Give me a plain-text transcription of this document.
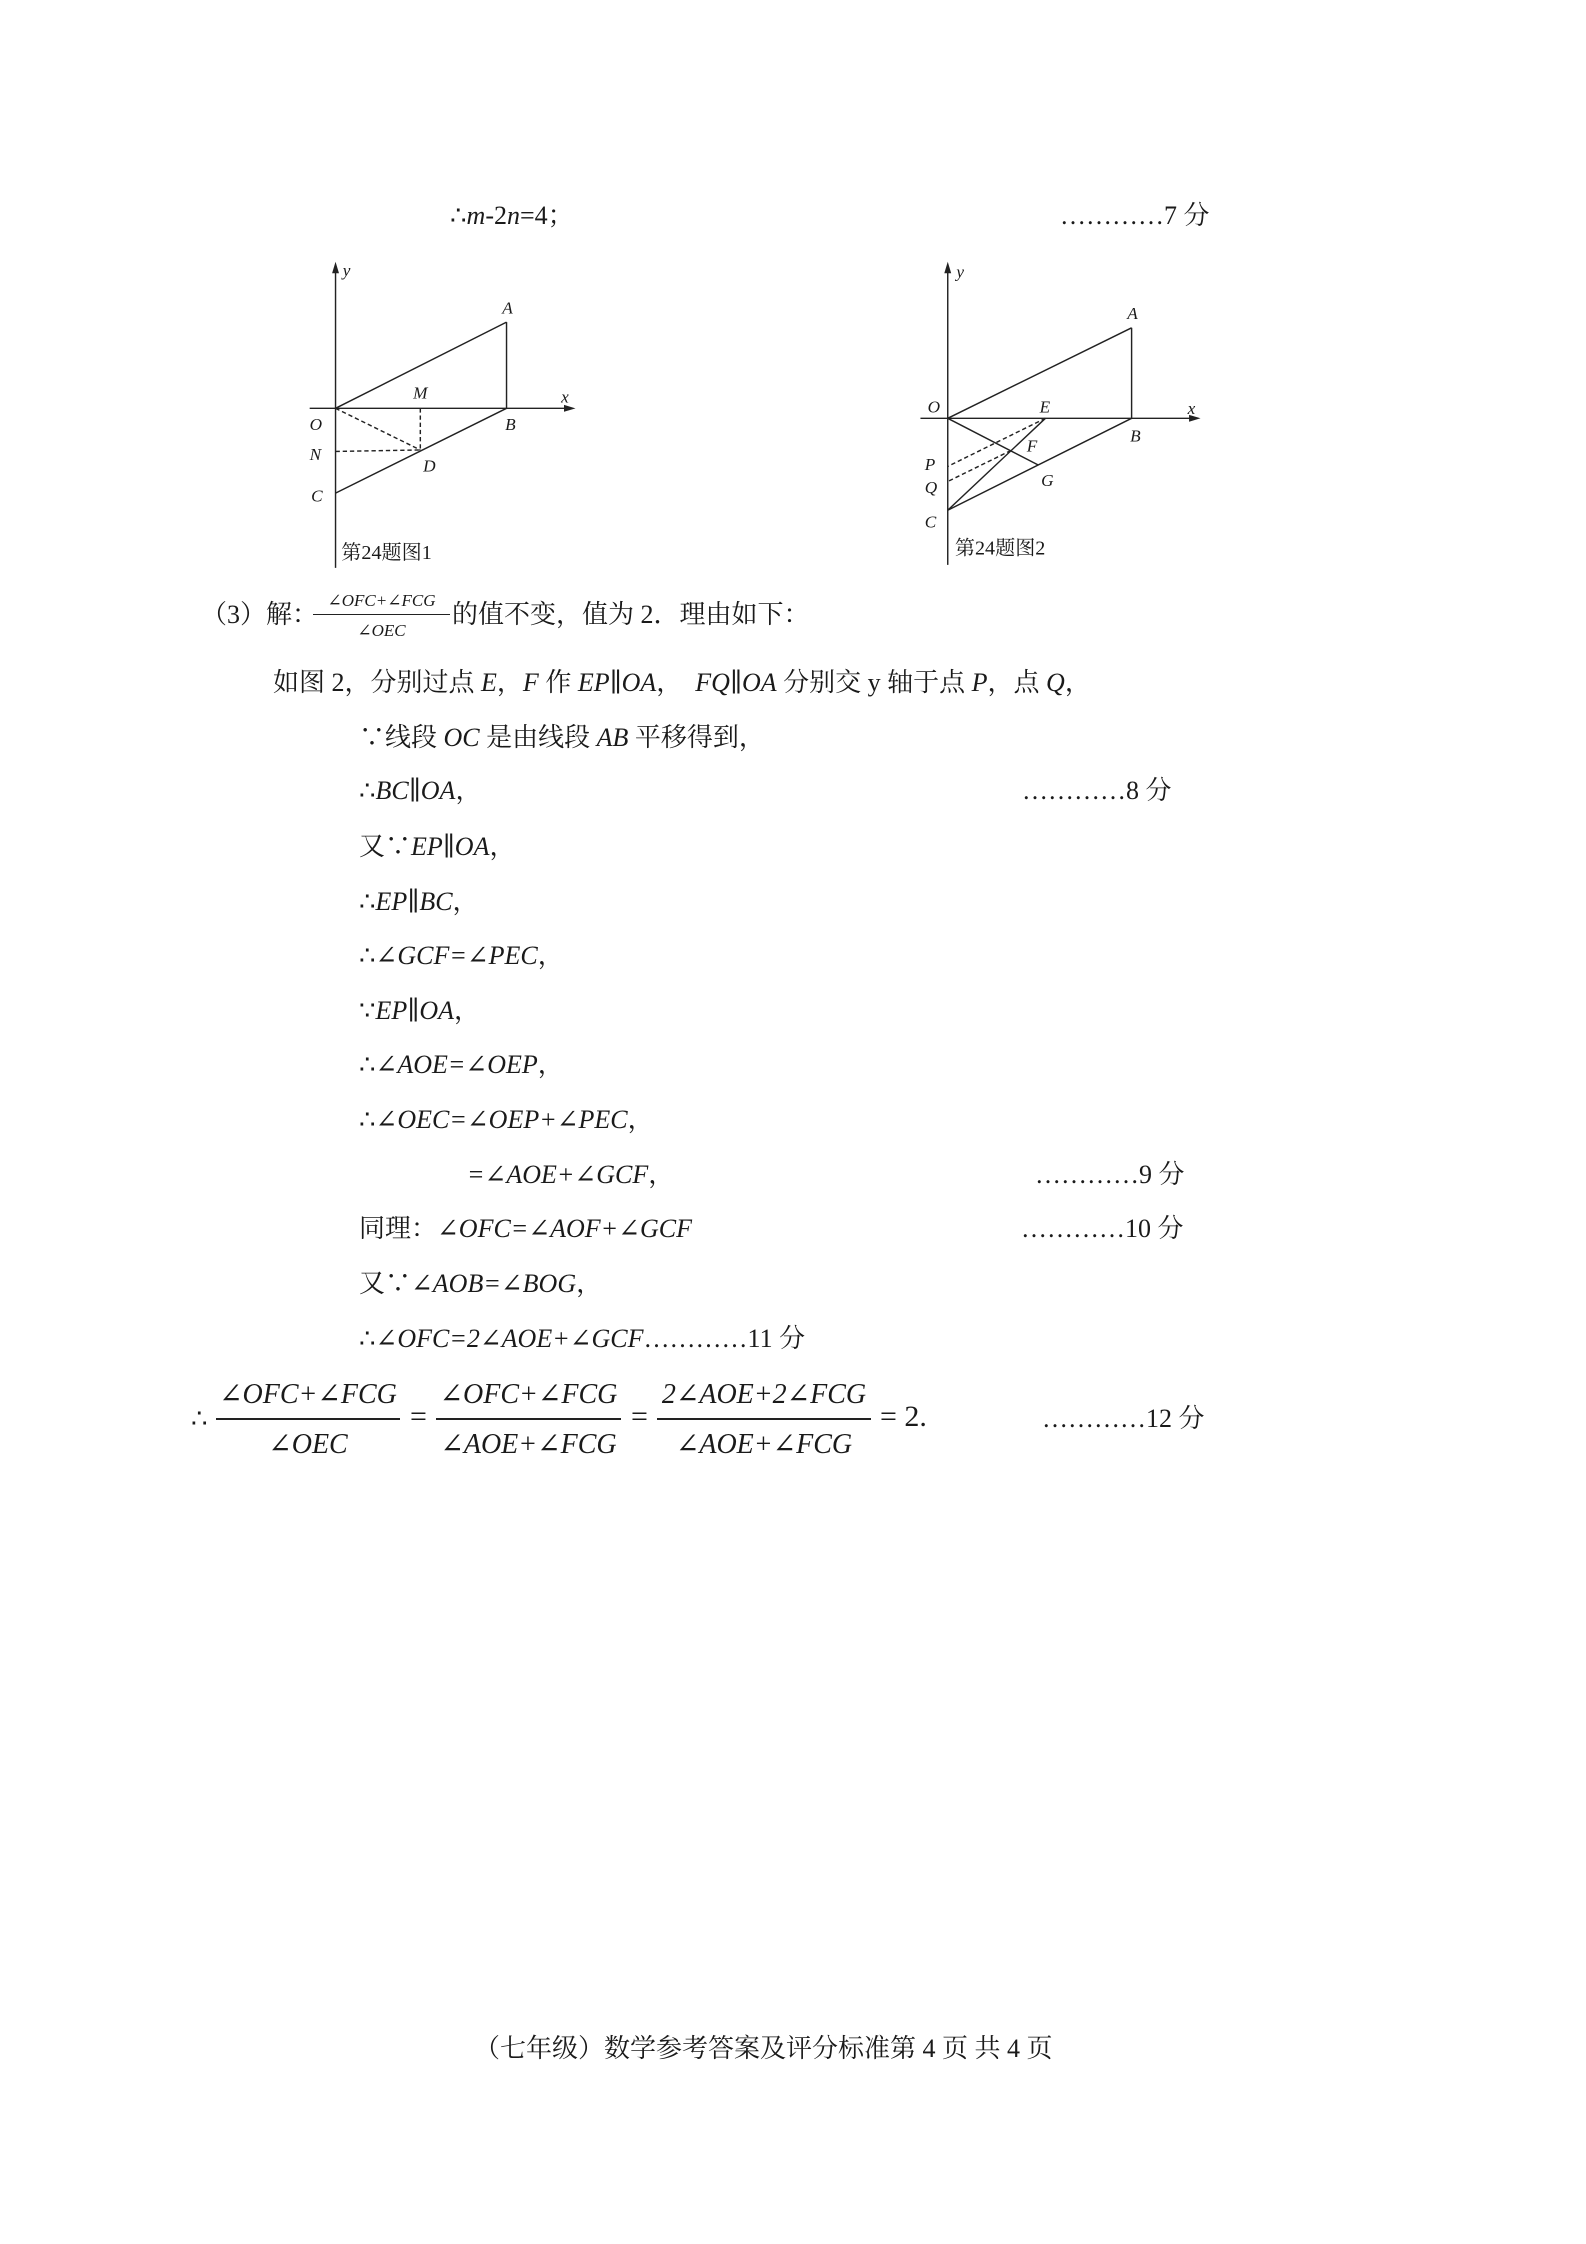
∴m-2n=4；	…………7 分
y
A
M	x
O	B
N
D
C
第24题图1
y
A
O	E	x
B
F
P
G
Q
C
第24题图2
（3）解： ∠OFC+∠FCG
∠OEC
的值不变，值为 2．理由如下：
如图 2，分别过点 E，F 作 EP∥OA，　FQ∥OA 分别交 y 轴于点 P，点 Q，
∵线段 OC 是由线段 AB 平移得到，
∴BC∥OA，	…………8 分
又∵EP∥OA，
∴EP∥BC，
∴∠GCF=∠PEC，
∵EP∥OA，
∴∠AOE=∠OEP，
∴∠OEC=∠OEP+∠PEC，
=∠AOE+∠GCF，	…………9 分
同理：∠OFC=∠AOF+∠GCF	…………10 分
又∵∠AOB=∠BOG，
∴∠OFC=2∠AOE+∠GCF…………11 分
∴
∠OFC+∠FCG
∠OEC
=
∠OFC+∠FCG
∠AOE+∠FCG
=
2∠AOE+2∠FCG
∠AOE+∠FCG
= 2.	…………12 分
（七年级）数学参考答案及评分标准第 4 页 共 4 页
